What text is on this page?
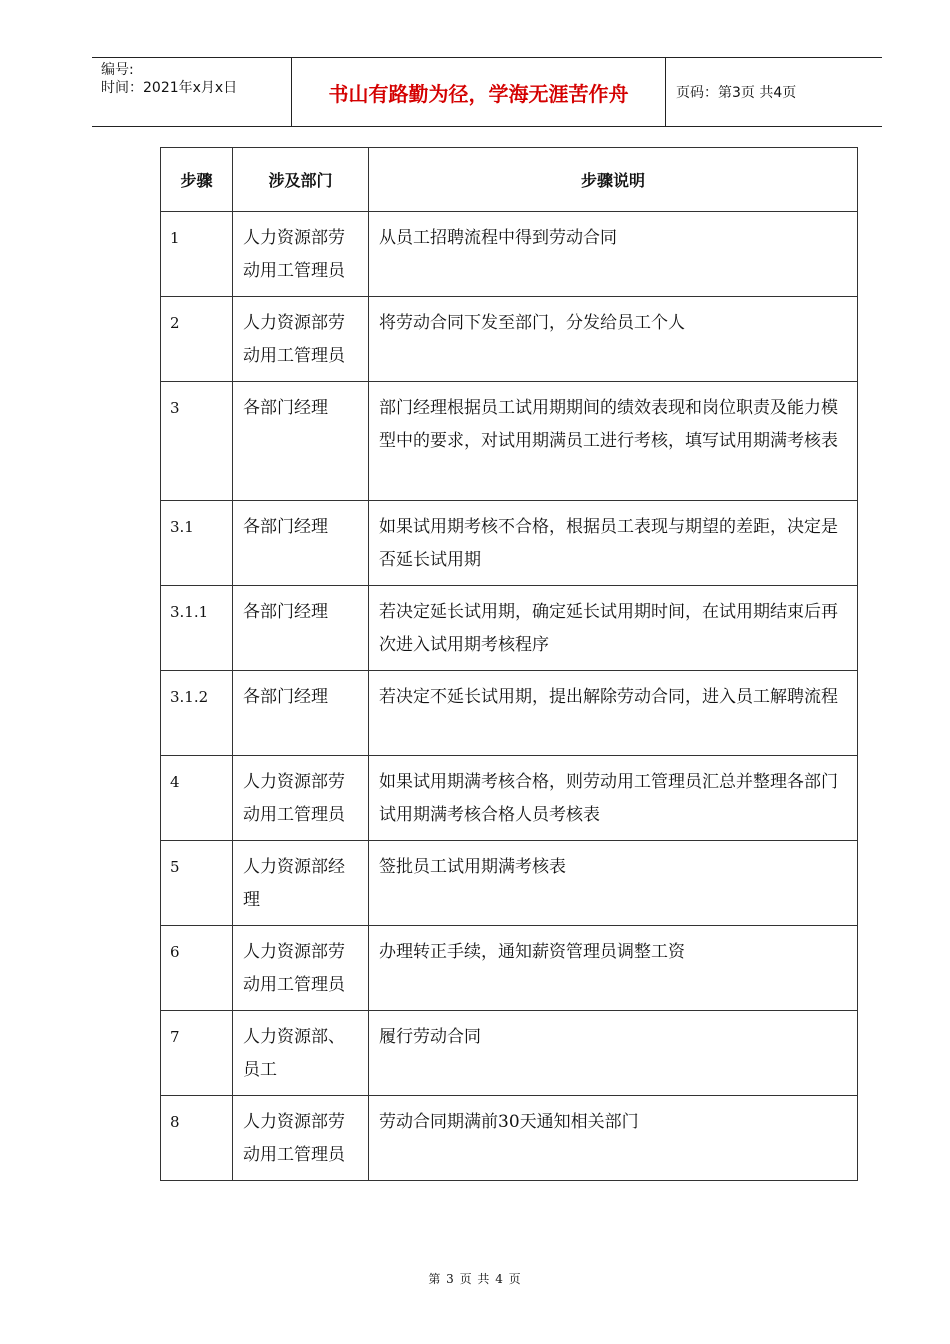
编号:
时间：2021年x月x日	书山有路勤为径，学海无涯苦作舟	页码：第3页 共4页
步骤	涉及部门	步骤说明
1	人力资源部劳动用工管理员	从员工招聘流程中得到劳动合同
2	人力资源部劳动用工管理员	将劳动合同下发至部门，分发给员工个人
3	各部门经理	部门经理根据员工试用期期间的绩效表现和岗位职责及能力模型中的要求，对试用期满员工进行考核，填写试用期满考核表
3.1	各部门经理	如果试用期考核不合格，根据员工表现与期望的差距，决定是否延长试用期
3.1.1	各部门经理	若决定延长试用期，确定延长试用期时间，在试用期结束后再次进入试用期考核程序
3.1.2	各部门经理	若决定不延长试用期，提出解除劳动合同，进入员工解聘流程
4	人力资源部劳动用工管理员	如果试用期满考核合格，则劳动用工管理员汇总并整理各部门试用期满考核合格人员考核表
5	人力资源部经理	签批员工试用期满考核表
6	人力资源部劳动用工管理员	办理转正手续，通知薪资管理员调整工资
7	人力资源部、员工	履行劳动合同
8	人力资源部劳动用工管理员	劳动合同期满前30天通知相关部门
第 3 页 共 4 页
